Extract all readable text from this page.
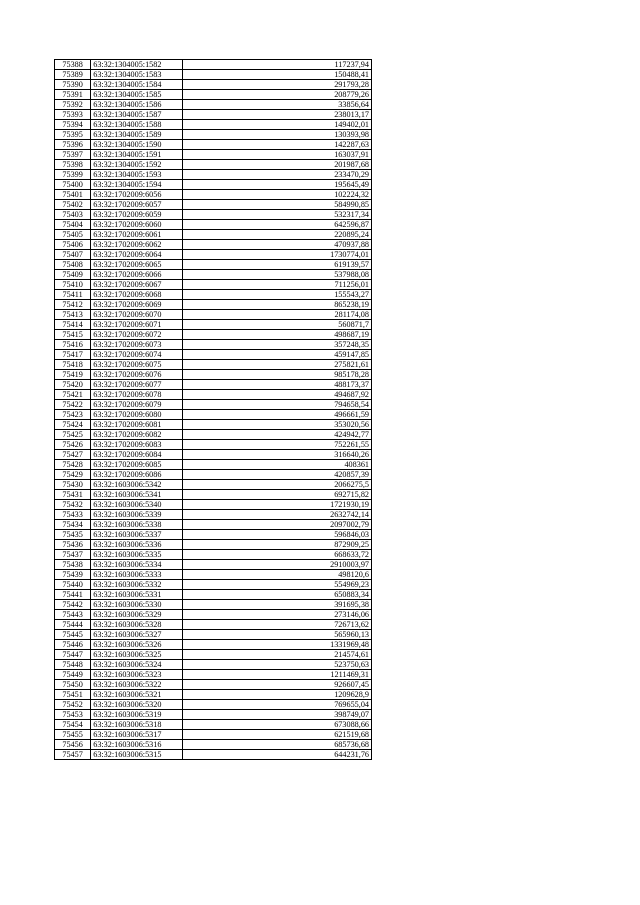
75388	63:32:1304005:1582	117237,94
75389	63:32:1304005:1583	150488,41
75390	63:32:1304005:1584	291793,28
75391	63:32:1304005:1585	208779,26
75392	63:32:1304005:1586	33856,64
75393	63:32:1304005:1587	238013,17
75394	63:32:1304005:1588	149402,01
75395	63:32:1304005:1589	130393,98
75396	63:32:1304005:1590	142287,63
75397	63:32:1304005:1591	163037,91
75398	63:32:1304005:1592	201987,68
75399	63:32:1304005:1593	233470,29
75400	63:32:1304005:1594	195645,49
75401	63:32:1702009:6056	102224,32
75402	63:32:1702009:6057	584990,85
75403	63:32:1702009:6059	532317,34
75404	63:32:1702009:6060	642596,87
75405	63:32:1702009:6061	220895,24
75406	63:32:1702009:6062	470937,88
75407	63:32:1702009:6064	1730774,01
75408	63:32:1702009:6065	619139,57
75409	63:32:1702009:6066	537988,08
75410	63:32:1702009:6067	711256,01
75411	63:32:1702009:6068	155543,27
75412	63:32:1702009:6069	865238,19
75413	63:32:1702009:6070	281174,08
75414	63:32:1702009:6071	560871,7
75415	63:32:1702009:6072	498687,19
75416	63:32:1702009:6073	357248,35
75417	63:32:1702009:6074	459147,85
75418	63:32:1702009:6075	275821,61
75419	63:32:1702009:6076	985178,28
75420	63:32:1702009:6077	488173,37
75421	63:32:1702009:6078	494687,92
75422	63:32:1702009:6079	794658,54
75423	63:32:1702009:6080	496661,59
75424	63:32:1702009:6081	353020,56
75425	63:32:1702009:6082	424942,77
75426	63:32:1702009:6083	752261,55
75427	63:32:1702009:6084	316640,26
75428	63:32:1702009:6085	408361
75429	63:32:1702009:6086	420857,39
75430	63:32:1603006:5342	2066275,5
75431	63:32:1603006:5341	692715,82
75432	63:32:1603006:5340	1721930,19
75433	63:32:1603006:5339	2632742,14
75434	63:32:1603006:5338	2097002,79
75435	63:32:1603006:5337	596846,03
75436	63:32:1603006:5336	872909,25
75437	63:32:1603006:5335	668633,72
75438	63:32:1603006:5334	2910003,97
75439	63:32:1603006:5333	498120,6
75440	63:32:1603006:5332	554969,23
75441	63:32:1603006:5331	650883,34
75442	63:32:1603006:5330	391695,38
75443	63:32:1603006:5329	273146,06
75444	63:32:1603006:5328	726713,62
75445	63:32:1603006:5327	565960,13
75446	63:32:1603006:5326	1331969,48
75447	63:32:1603006:5325	214574,61
75448	63:32:1603006:5324	523750,63
75449	63:32:1603006:5323	1211469,31
75450	63:32:1603006:5322	926607,45
75451	63:32:1603006:5321	1209628,9
75452	63:32:1603006:5320	769655,04
75453	63:32:1603006:5319	398749,07
75454	63:32:1603006:5318	673088,66
75455	63:32:1603006:5317	621519,68
75456	63:32:1603006:5316	685736,68
75457	63:32:1603006:5315	644231,76
